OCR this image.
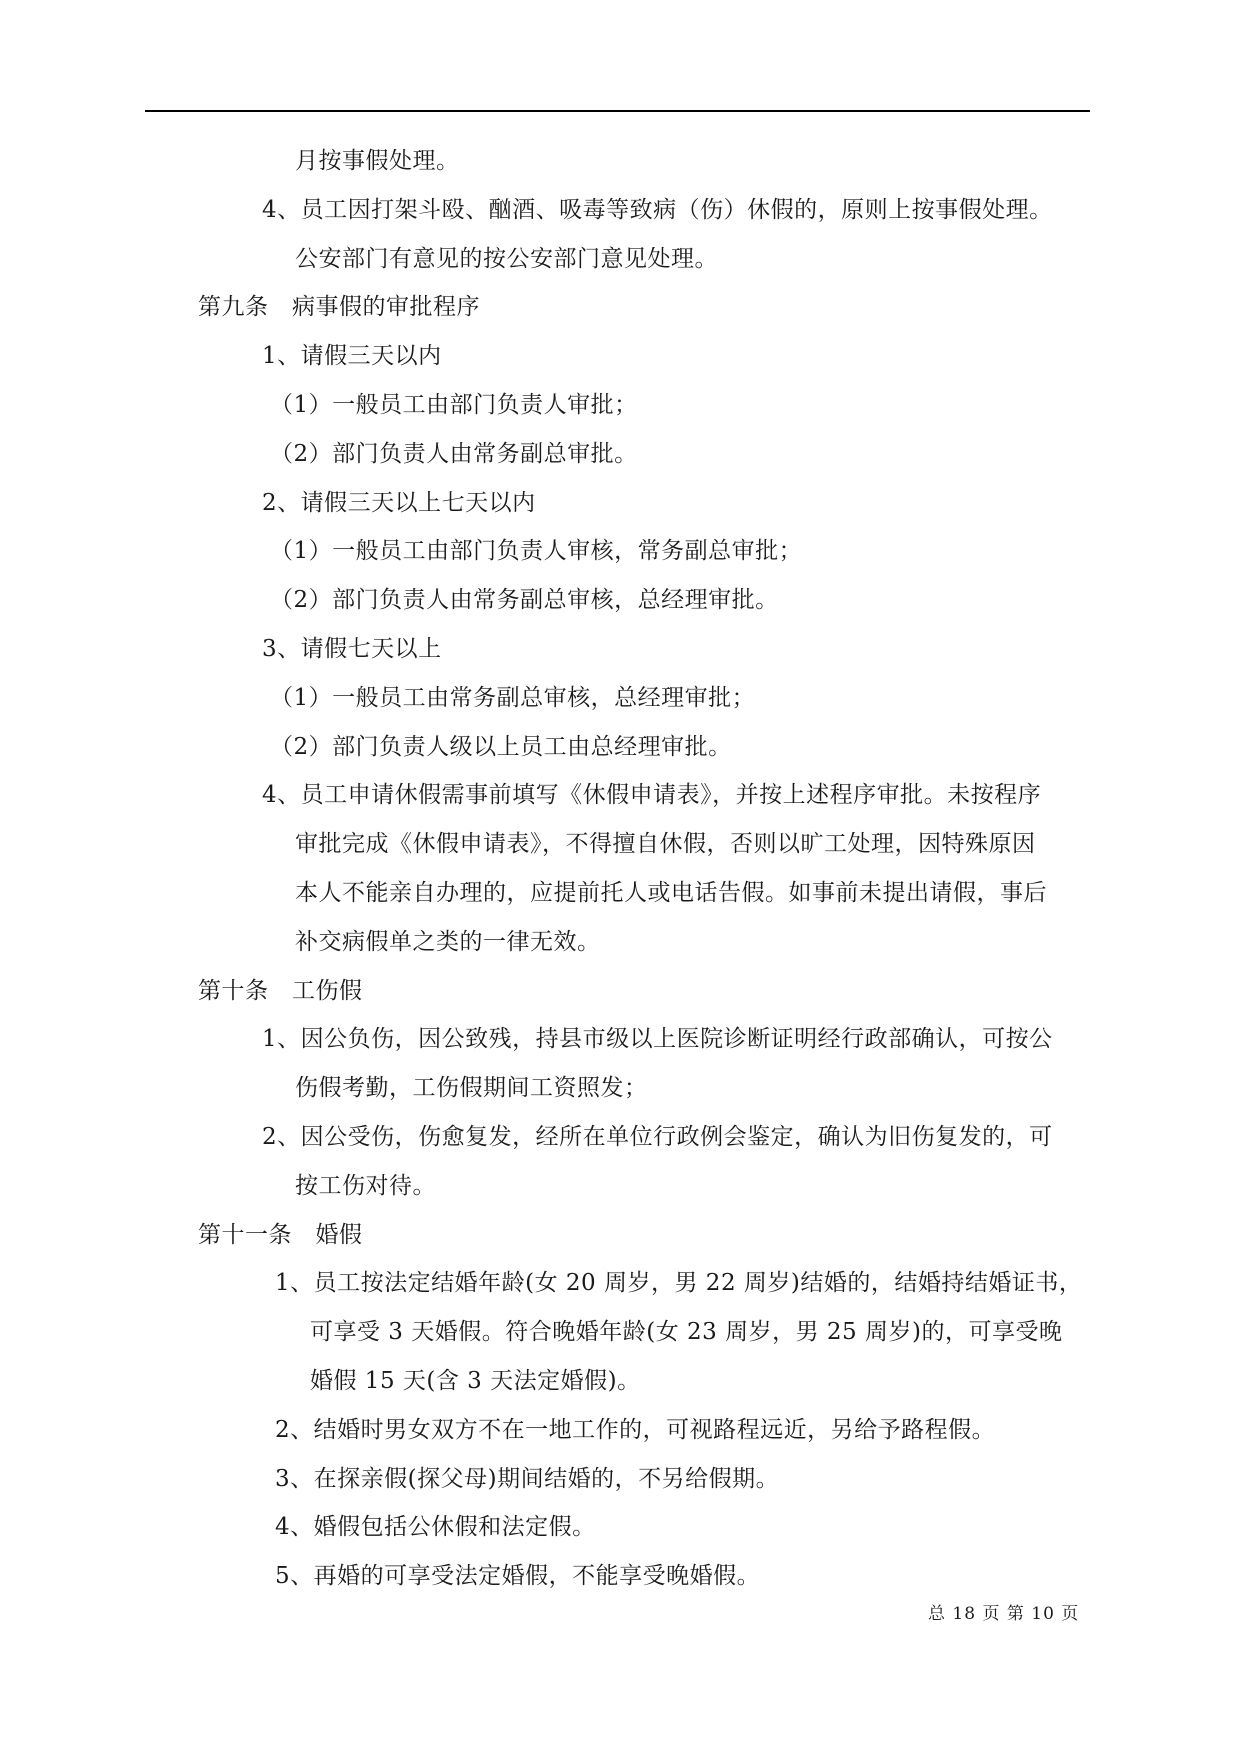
月按事假处理。
4、员工因打架斗殴、酗酒、吸毒等致病（伤）休假的，原则上按事假处理。
公安部门有意见的按公安部门意见处理。
第九条　病事假的审批程序
1、请假三天以内
（1）一般员工由部门负责人审批；
（2）部门负责人由常务副总审批。
2、请假三天以上七天以内
（1）一般员工由部门负责人审核，常务副总审批；
（2）部门负责人由常务副总审核，总经理审批。
3、请假七天以上
（1）一般员工由常务副总审核，总经理审批；
（2）部门负责人级以上员工由总经理审批。
4、员工申请休假需事前填写《休假申请表》，并按上述程序审批。未按程序
审批完成《休假申请表》，不得擅自休假，否则以旷工处理，因特殊原因
本人不能亲自办理的，应提前托人或电话告假。如事前未提出请假，事后
补交病假单之类的一律无效。
第十条　工伤假
1、因公负伤，因公致残，持县市级以上医院诊断证明经行政部确认，可按公
伤假考勤，工伤假期间工资照发；
2、因公受伤，伤愈复发，经所在单位行政例会鉴定，确认为旧伤复发的，可
按工伤对待。
第十一条　婚假
1、员工按法定结婚年龄(女 20 周岁，男 22 周岁)结婚的，结婚持结婚证书，
可享受 3 天婚假。符合晚婚年龄(女 23 周岁，男 25 周岁)的，可享受晚
婚假 15 天(含 3 天法定婚假)。
2、结婚时男女双方不在一地工作的，可视路程远近，另给予路程假。
3、在探亲假(探父母)期间结婚的，不另给假期。
4、婚假包括公休假和法定假。
5、再婚的可享受法定婚假，不能享受晚婚假。
总 18 页 第 10 页
